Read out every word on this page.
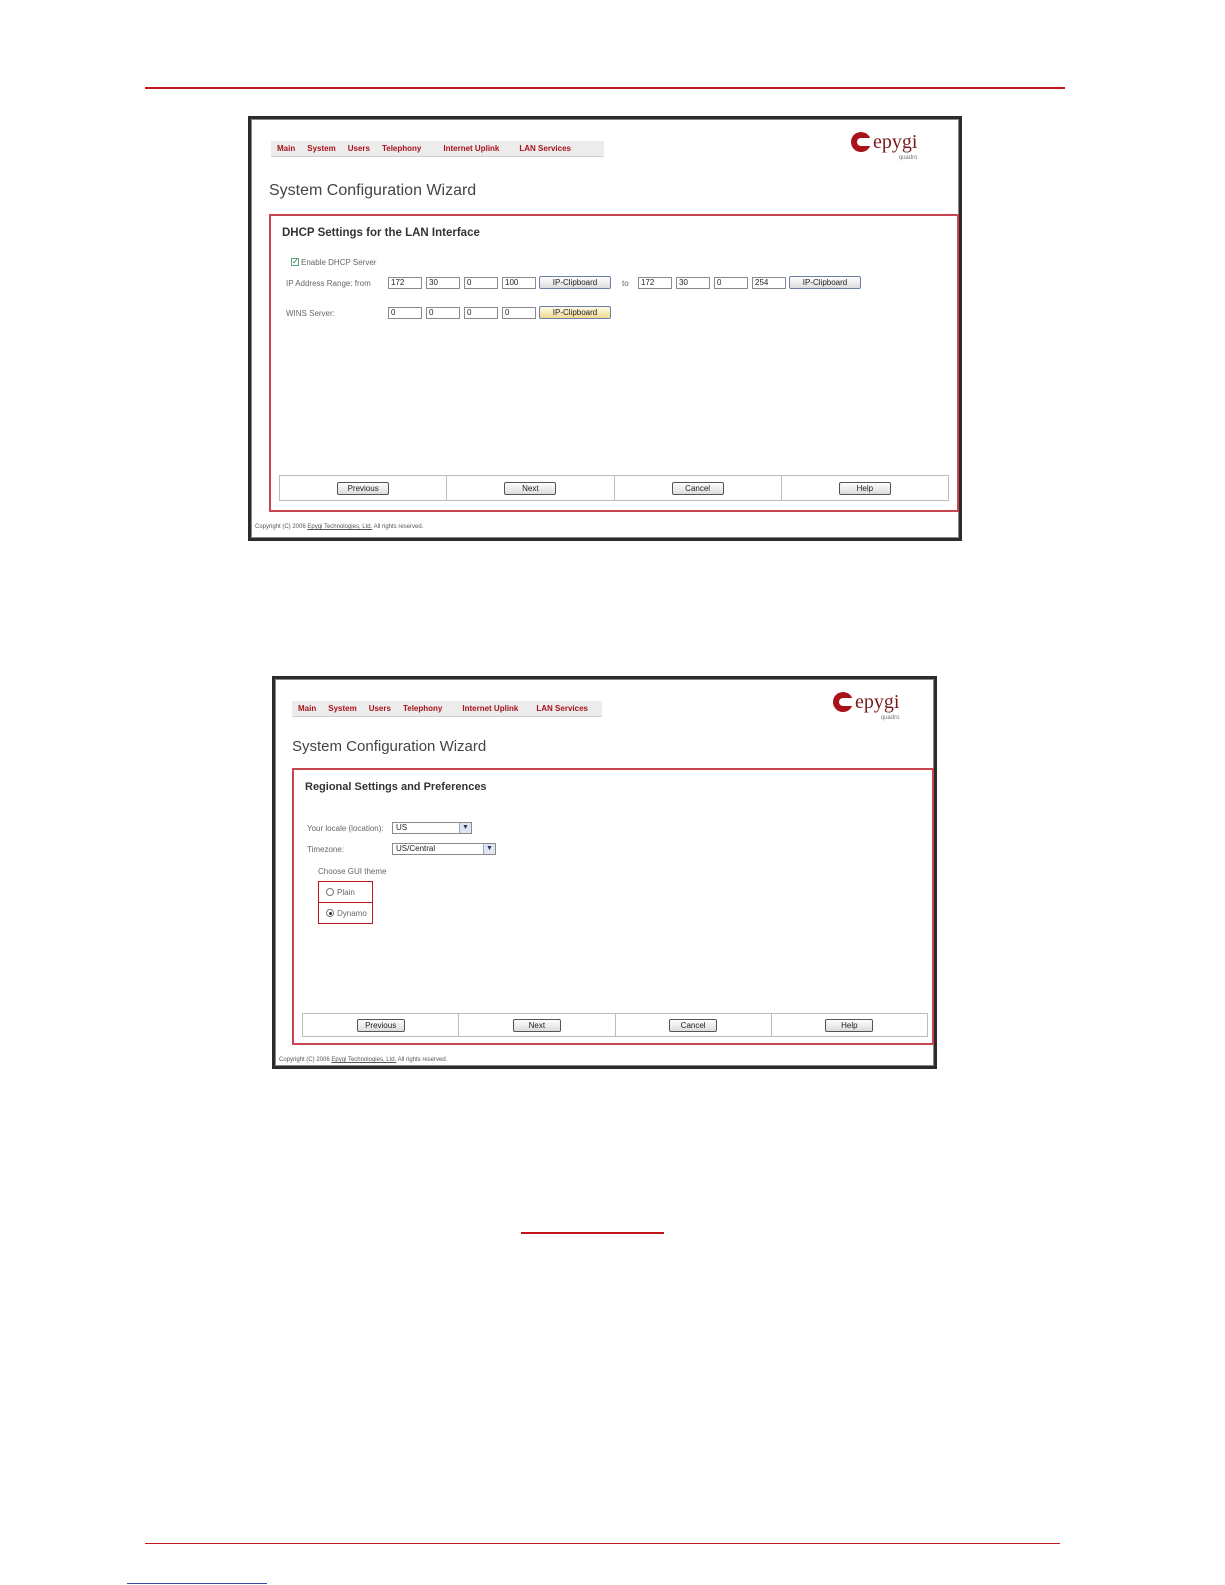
Main	System	Users	Telephony	Internet Uplink	LAN Services	epygi
quadro
System Configuration Wizard
DHCP Settings for the LAN Interface
✓ Enable DHCP Server
IP Address Range: from	172	30	0	100	IP-Clipboard	to	172	30	0	254	IP-Clipboard
WINS Server:	0	0	0	0	IP-Clipboard
Previous	Next	Cancel	Help
Copyright (C) 2006 Epygi Technologies, Ltd. All rights reserved.
Main	System	Users	Telephony	Internet Uplink	LAN Services	epygi
quadro
System Configuration Wizard
Regional Settings and Preferences
Your locale (location):	US	▼
Timezone:	US/Central	▼
Choose GUI theme
Plain
Dynamo
Previous	Next	Cancel	Help
Copyright (C) 2006 Epygi Technologies, Ltd. All rights reserved.
